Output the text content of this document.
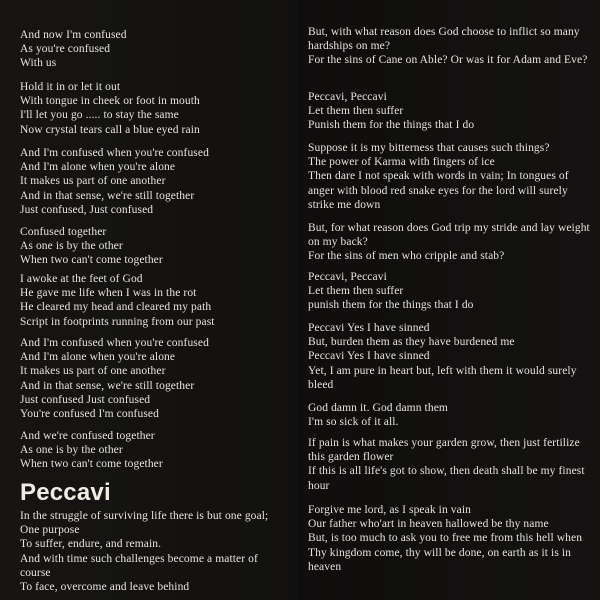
And now I'm confused
As you're confused
With us
Hold it in or let it out
With tongue in cheek or foot in mouth
I'll let you go ..... to stay the same
Now crystal tears call a blue eyed rain
And I'm confused when you're confused
And I'm alone when you're alone
It makes us part of one another
And in that sense, we're still together
Just confused, Just confused
Confused together
As one is by the other
When two can't come together
I awoke at the feet of God
He gave me life when I was in the rot
He cleared my head and cleared my path
Script in footprints running from our past
And I'm confused when you're confused
And I'm alone when you're alone
It makes us part of one another
And in that sense, we're still together
Just confused Just confused
You're confused I'm confused
And we're confused together
As one is by the other
When two can't come together
Peccavi
In the struggle of surviving life there is but one goal;
One purpose
To suffer, endure, and remain.
And with time such challenges become a matter of
course
To face, overcome and leave behind
But, with what reason does God choose to inflict so many hardships on me?
For the sins of Cane on Able? Or was it for Adam and Eve?
Peccavi, Peccavi
Let them then suffer
Punish them for the things that I do
Suppose it is my bitterness that causes such things?
The power of Karma with fingers of ice
Then dare I not speak with words in vain; In tongues of anger with blood red snake eyes for the lord will surely strike me down
But, for what reason does God trip my stride and lay weight on my back?
For the sins of men who cripple and stab?
Peccavi, Peccavi
Let them then suffer
punish them for the things that I do
Peccavi Yes I have sinned
But, burden them as they have burdened me
Peccavi Yes I have sinned
Yet, I am pure in heart but, left with them it would surely bleed
God damn it. God damn them
I'm so sick of it all.
If pain is what makes your garden grow, then just fertilize this garden flower
If this is all life's got to show, then death shall be my finest hour
Forgive me lord, as I speak in vain
Our father who'art in heaven hallowed be thy name
But, is too much to ask you to free me from this hell when
Thy kingdom come, thy will be done, on earth as it is in heaven
